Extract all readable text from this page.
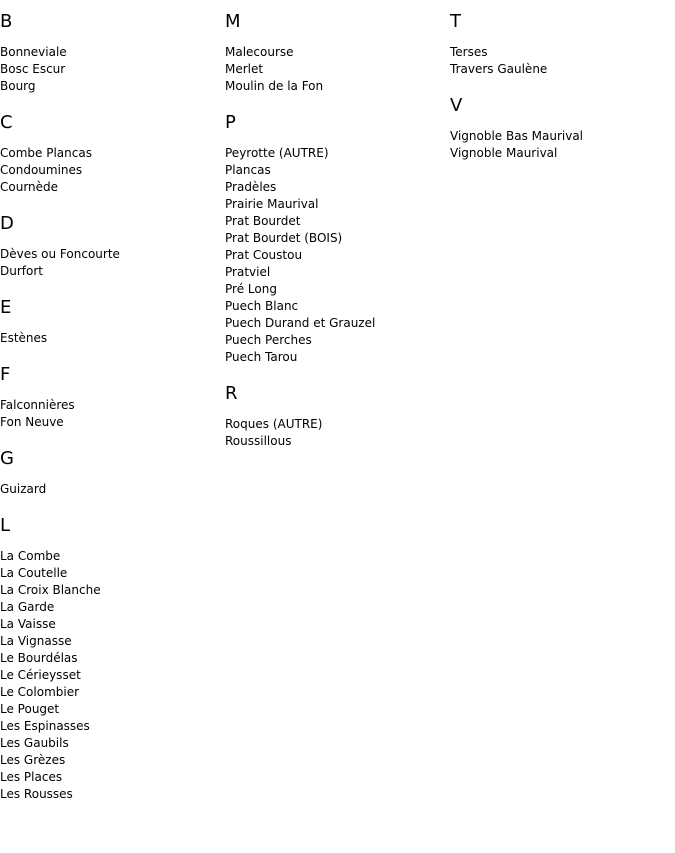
B
Bonneviale
Bosc Escur
Bourg
C
Combe Plancas
Condoumines
Cournède
D
Dèves ou Foncourte
Durfort
E
Estènes
F
Falconnières
Fon Neuve
G
Guizard
L
La Combe
La Coutelle
La Croix Blanche
La Garde
La Vaisse
La Vignasse
Le Bourdélas
Le Cérieysset
Le Colombier
Le Pouget
Les Espinasses
Les Gaubils
Les Grèzes
Les Places
Les Rousses
M
Malecourse
Merlet
Moulin de la Fon
P
Peyrotte (AUTRE)
Plancas
Pradèles
Prairie Maurival
Prat Bourdet
Prat Bourdet (BOIS)
Prat Coustou
Pratviel
Pré Long
Puech Blanc
Puech Durand et Grauzel
Puech Perches
Puech Tarou
R
Roques (AUTRE)
Roussillous
T
Terses
Travers Gaulène
V
Vignoble Bas Maurival
Vignoble Maurival
